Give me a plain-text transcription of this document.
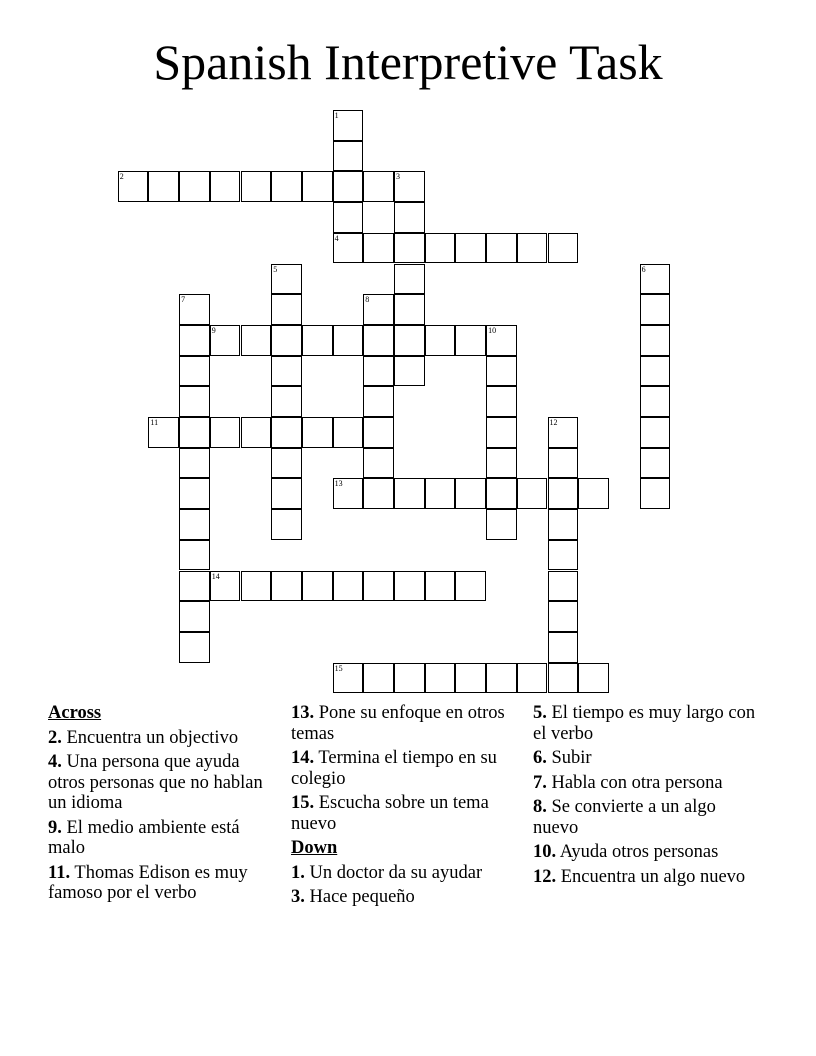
Spanish Interpretive Task
1
2	3
4
5	6
7	8
9	10
11	12
13
14
15
Across
2. Encuentra un objectivo
4. Una persona que ayuda otros personas que no hablan un idioma
9. El medio ambiente está malo
11. Thomas Edison es muy famoso por el verbo
13. Pone su enfoque en otros temas
14. Termina el tiempo en su colegio
15. Escucha sobre un tema nuevo
Down
1. Un doctor da su ayudar
3. Hace pequeño
5. El tiempo es muy largo con el verbo
6. Subir
7. Habla con otra persona
8. Se convierte a un algo nuevo
10. Ayuda otros personas
12. Encuentra un algo nuevo
